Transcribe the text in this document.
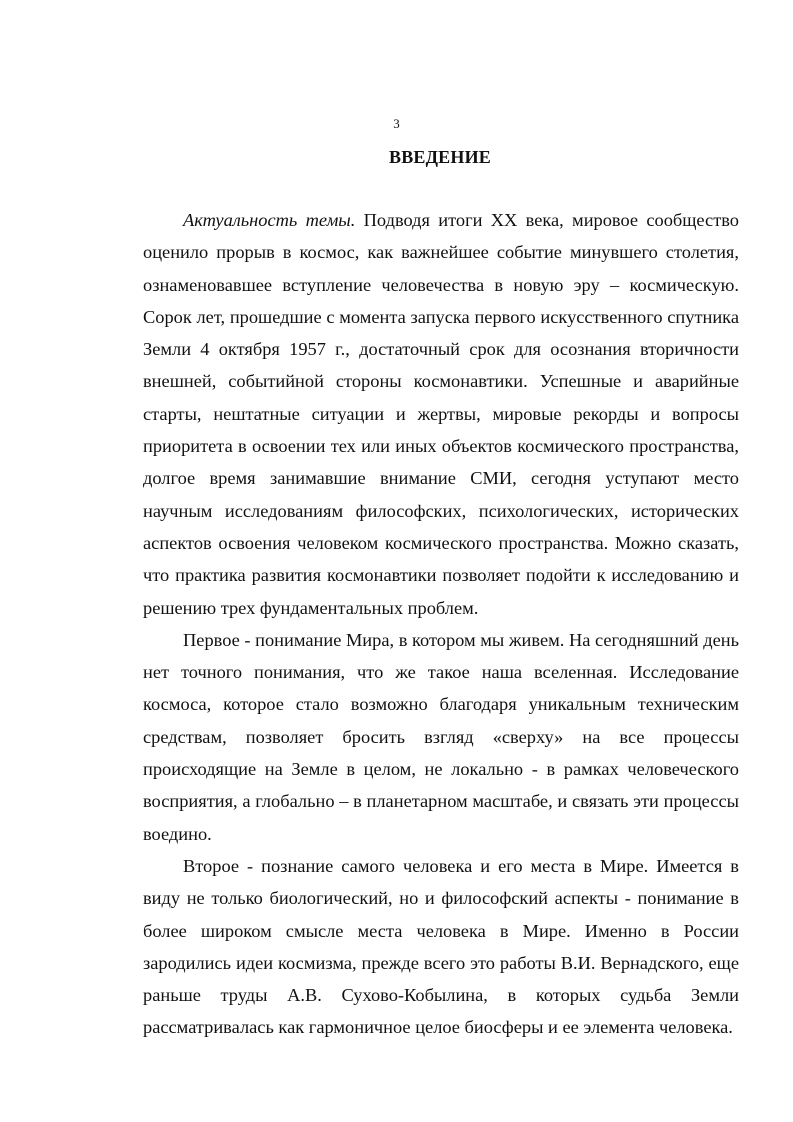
3
ВВЕДЕНИЕ

Актуальность темы. Подводя итоги XX века, мировое сообщество оценило прорыв в космос, как важнейшее событие минувшего столетия, ознаменовавшее вступление человечества в новую эру – космическую. Сорок лет, прошедшие с момента запуска первого искусственного спутника Земли 4 октября 1957 г., достаточный срок для осознания вторичности внешней, событийной стороны космонавтики. Успешные и аварийные старты, нештатные ситуации и жертвы, мировые рекорды и вопросы приоритета в освоении тех или иных объектов космического пространства, долгое время занимавшие внимание СМИ, сегодня уступают место научным исследованиям философских, психологических, исторических аспектов освоения человеком космического пространства. Можно сказать, что практика развития космонавтики позволяет подойти к исследованию и решению трех фундаментальных проблем.

Первое - понимание Мира, в котором мы живем. На сегодняшний день нет точного понимания, что же такое наша вселенная. Исследование космоса, которое стало возможно благодаря уникальным техническим средствам, позволяет бросить взгляд «сверху» на все процессы происходящие на Земле в целом, не локально - в рамках человеческого восприятия, а глобально – в планетарном масштабе, и связать эти процессы воедино.

Второе - познание самого человека и его места в Мире. Имеется в виду не только биологический, но и философский аспекты - понимание в более широком смысле места человека в Мире. Именно в России зародились идеи космизма, прежде всего это работы В.И. Вернадского, еще раньше труды А.В. Сухово-Кобылина, в которых судьба Земли рассматривалась как гармоничное целое биосферы и ее элемента человека.
